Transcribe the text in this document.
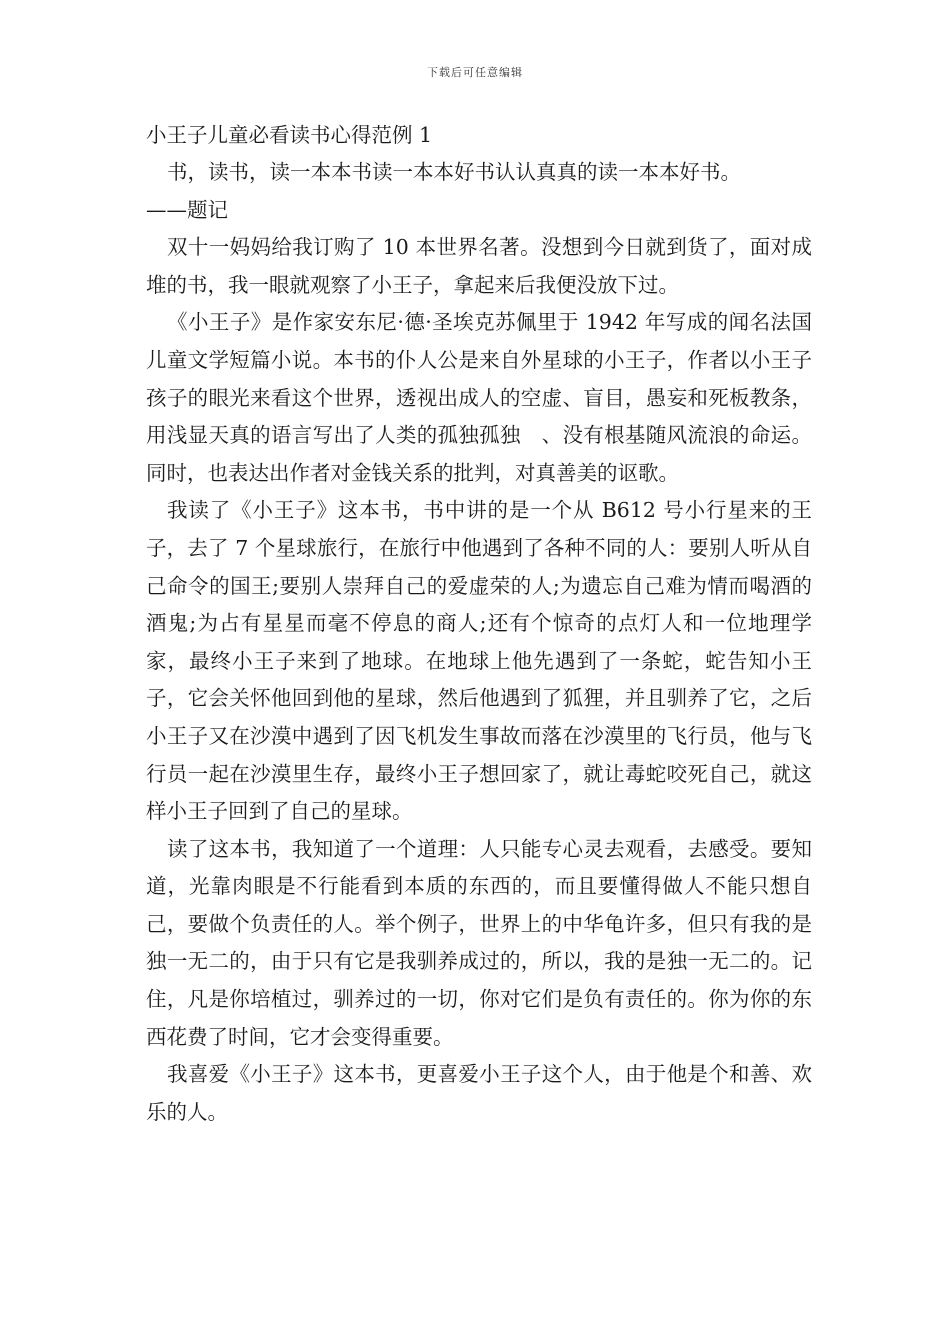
下载后可任意编辑

小王子儿童必看读书心得范例 1

书，读书，读一本本书读一本本好书认认真真的读一本本好书。

——题记

双十一妈妈给我订购了 10 本世界名著。没想到今日就到货了，面对成堆的书，我一眼就观察了小王子，拿起来后我便没放下过。

《小王子》是作家安东尼·德·圣埃克苏佩里于 1942 年写成的闻名法国儿童文学短篇小说。本书的仆人公是来自外星球的小王子，作者以小王子孩子的眼光来看这个世界，透视出成人的空虚、盲目，愚妄和死板教条，用浅显天真的语言写出了人类的孤独孤独　、没有根基随风流浪的命运。同时，也表达出作者对金钱关系的批判，对真善美的讴歌。

我读了《小王子》这本书，书中讲的是一个从 B612 号小行星来的王子，去了 7 个星球旅行，在旅行中他遇到了各种不同的人：要别人听从自己命令的国王;要别人崇拜自己的爱虚荣的人;为遗忘自己难为情而喝酒的酒鬼;为占有星星而毫不停息的商人;还有个惊奇的点灯人和一位地理学家，最终小王子来到了地球。在地球上他先遇到了一条蛇，蛇告知小王子，它会关怀他回到他的星球，然后他遇到了狐狸，并且驯养了它，之后小王子又在沙漠中遇到了因飞机发生事故而落在沙漠里的飞行员，他与飞行员一起在沙漠里生存，最终小王子想回家了，就让毒蛇咬死自己，就这样小王子回到了自己的星球。

读了这本书，我知道了一个道理：人只能专心灵去观看，去感受。要知道，光靠肉眼是不行能看到本质的东西的，而且要懂得做人不能只想自己，要做个负责任的人。举个例子，世界上的中华龟许多，但只有我的是独一无二的，由于只有它是我驯养成过的，所以，我的是独一无二的。记住，凡是你培植过，驯养过的一切，你对它们是负有责任的。你为你的东西花费了时间，它才会变得重要。

我喜爱《小王子》这本书，更喜爱小王子这个人，由于他是个和善、欢乐的人。
